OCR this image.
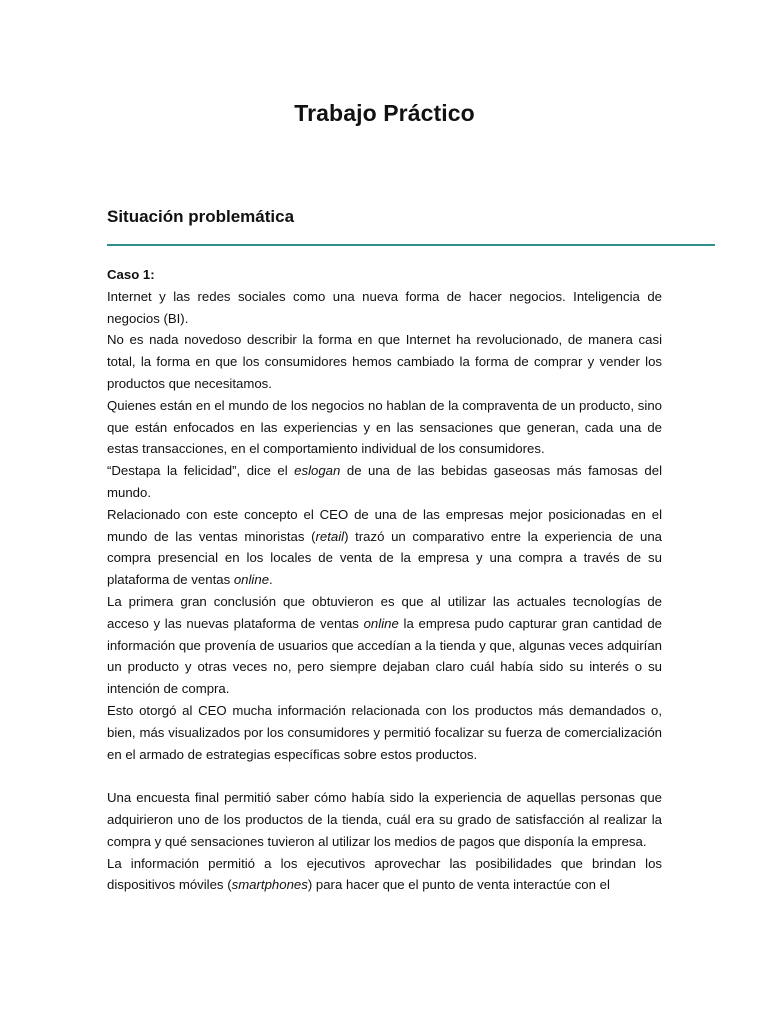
Trabajo Práctico
Situación problemática

Caso 1:

Internet y las redes sociales como una nueva forma de hacer negocios. Inteligencia de negocios (BI).

No es nada novedoso describir la forma en que Internet ha revolucionado, de manera casi total, la forma en que los consumidores hemos cambiado la forma de comprar y vender los productos que necesitamos.

Quienes están en el mundo de los negocios no hablan de la compraventa de un producto, sino que están enfocados en las experiencias y en las sensaciones que generan, cada una de estas transacciones, en el comportamiento individual de los consumidores.

“Destapa la felicidad”, dice el eslogan de una de las bebidas gaseosas más famosas del mundo.

Relacionado con este concepto el CEO de una de las empresas mejor posicionadas en el mundo de las ventas minoristas (retail) trazó un comparativo entre la experiencia de una compra presencial en los locales de venta de la empresa y una compra a través de su plataforma de ventas online.

La primera gran conclusión que obtuvieron es que al utilizar las actuales tecnologías de acceso y las nuevas plataforma de ventas online la empresa pudo capturar gran cantidad de información que provenía de usuarios que accedían a la tienda y que, algunas veces adquirían un producto y otras veces no, pero siempre dejaban claro cuál había sido su interés o su intención de compra.

Esto otorgó al CEO mucha información relacionada con los productos más demandados o, bien, más visualizados por los consumidores y permitió focalizar su fuerza de comercialización en el armado de estrategias específicas sobre estos productos.

Una encuesta final permitió saber cómo había sido la experiencia de aquellas personas que adquirieron uno de los productos de la tienda, cuál era su grado de satisfacción al realizar la compra y qué sensaciones tuvieron al utilizar los medios de pagos que disponía la empresa.

La información permitió a los ejecutivos aprovechar las posibilidades que brindan los dispositivos móviles (smartphones) para hacer que el punto de venta interactúe con el
